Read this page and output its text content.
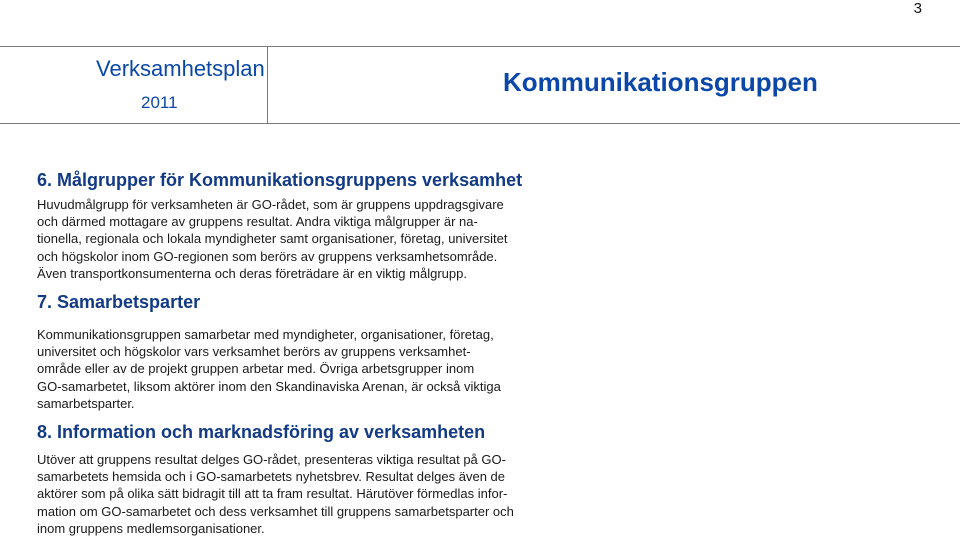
3
Verksamhetsplan
2011
Kommunikationsgruppen
6. Målgrupper för Kommunikationsgruppens verksamhet

Huvudmålgrupp för verksamheten är GO-rådet, som är gruppens uppdragsgivare
och därmed mottagare av gruppens resultat. Andra viktiga målgrupper är na-
tionella, regionala och lokala myndigheter samt organisationer, företag, universitet
och högskolor inom GO-regionen som berörs av gruppens verksamhetsområde.
Även transportkonsumenterna och deras företrädare är en viktig målgrupp.

7. Samarbetsparter

Kommunikationsgruppen samarbetar med myndigheter, organisationer, företag,
universitet och högskolor vars verksamhet berörs av gruppens verksamhet-
område eller av de projekt gruppen arbetar med. Övriga arbetsgrupper inom
GO-samarbetet, liksom aktörer inom den Skandinaviska Arenan, är också viktiga
samarbetsparter.

8. Information och marknadsföring av verksamheten

Utöver att gruppens resultat delges GO-rådet, presenteras viktiga resultat på GO-
samarbetets hemsida och i GO-samarbetets nyhetsbrev. Resultat delges även de
aktörer som på olika sätt bidragit till att ta fram resultat. Härutöver förmedlas infor-
mation om GO-samarbetet och dess verksamhet till gruppens samarbetsparter och
inom gruppens medlemsorganisationer.
